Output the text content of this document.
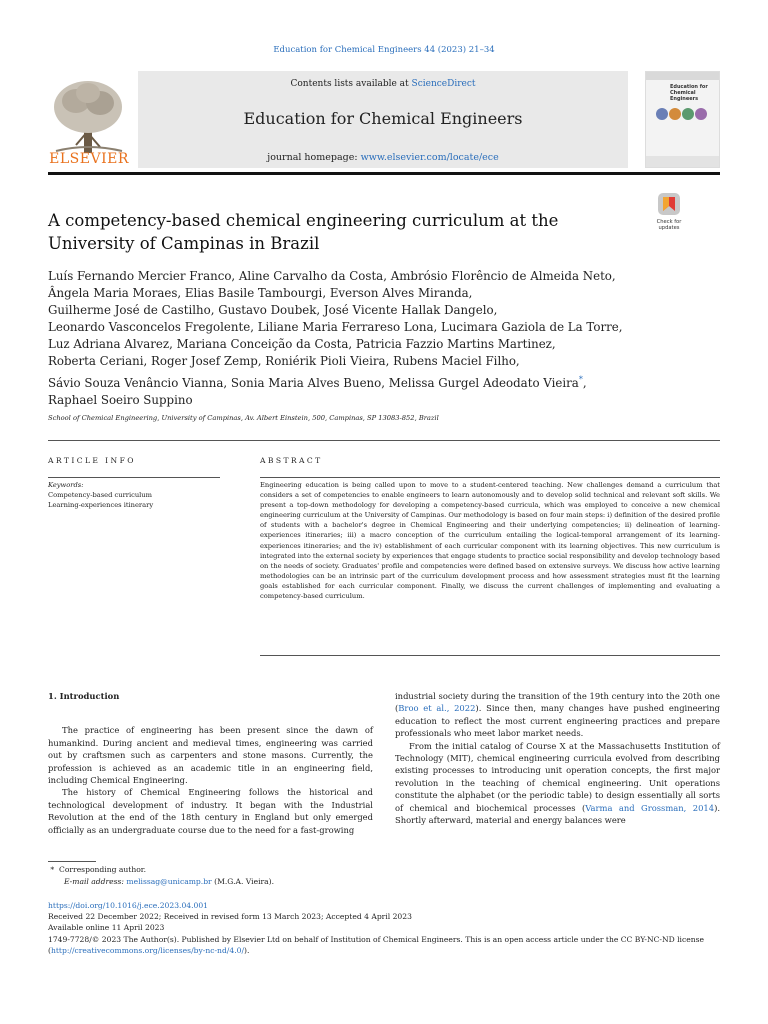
Education for Chemical Engineers 44 (2023) 21–34
ELSEVIER
Contents lists available at ScienceDirect
Education for Chemical Engineers
journal homepage: www.elsevier.com/locate/ece
Education for Chemical Engineers
A competency-based chemical engineering curriculum at the University of Campinas in Brazil
Check for
updates
Luís Fernando Mercier Franco, Aline Carvalho da Costa, Ambrósio Florêncio de Almeida Neto,
Ângela Maria Moraes, Elias Basile Tambourgi, Everson Alves Miranda,
Guilherme José de Castilho, Gustavo Doubek, José Vicente Hallak Dangelo,
Leonardo Vasconcelos Fregolente, Liliane Maria Ferrareso Lona, Lucimara Gaziola de La Torre,
Luz Adriana Alvarez, Mariana Conceição da Costa, Patricia Fazzio Martins Martinez,
Roberta Ceriani, Roger Josef Zemp, Roniérik Pioli Vieira, Rubens Maciel Filho,
Sávio Souza Venâncio Vianna, Sonia Maria Alves Bueno, Melissa Gurgel Adeodato Vieira*,
Raphael Soeiro Suppino
School of Chemical Engineering, University of Campinas, Av. Albert Einstein, 500, Campinas, SP 13083-852, Brazil
ARTICLE INFO	ABSTRACT
Keywords:
Competency-based curriculum
Learning-experiences itinerary
Engineering education is being called upon to move to a student-centered teaching. New challenges demand a curriculum that considers a set of competencies to enable engineers to learn autonomously and to develop solid technical and relevant soft skills. We present a top-down methodology for developing a competency-based curricula, which was employed to conceive a new chemical engineering curriculum at the University of Campinas. Our methodology is based on four main steps: i) definition of the desired profile of students with a bachelor's degree in Chemical Engineering and their underlying competencies; ii) delineation of learning-experiences itineraries; iii) a macro conception of the curriculum entailing the logical-temporal arrangement of its learning-experiences itineraries; and the iv) establishment of each curricular component with its learning objectives. This new curriculum is integrated into the external society by experiences that engage students to practice social responsibility and develop technology based on the needs of society. Graduates' profile and competencies were defined based on extensive surveys. We discuss how active learning methodologies can be an intrinsic part of the curriculum development process and how assessment strategies must fit the learning goals established for each curricular component. Finally, we discuss the current challenges of implementing and evaluating a competency-based curriculum.
1. Introduction

The practice of engineering has been present since the dawn of humankind. During ancient and medieval times, engineering was carried out by craftsmen such as carpenters and stone masons. Currently, the profession is achieved as an academic title in an engineering field, including Chemical Engineering.

The history of Chemical Engineering follows the historical and technological development of industry. It began with the Industrial Revolution at the end of the 18th century in England but only emerged officially as an undergraduate course due to the need for a fast-growing

industrial society during the transition of the 19th century into the 20th one (Broo et al., 2022). Since then, many changes have pushed engineering education to reflect the most current engineering practices and prepare professionals who meet labor market needs.

From the initial catalog of Course X at the Massachusetts Institution of Technology (MIT), chemical engineering curricula evolved from describing existing processes to introducing unit operation concepts, the first major revolution in the teaching of chemical engineering. Unit operations constitute the alphabet (or the periodic table) to design essentially all sorts of chemical and biochemical processes (Varma and Grossman, 2014). Shortly afterward, material and energy balances were

* Corresponding author.
E-mail address: melissag@unicamp.br (M.G.A. Vieira).
https://doi.org/10.1016/j.ece.2023.04.001
Received 22 December 2022; Received in revised form 13 March 2023; Accepted 4 April 2023
Available online 11 April 2023
1749-7728/© 2023 The Author(s). Published by Elsevier Ltd on behalf of Institution of Chemical Engineers. This is an open access article under the CC BY-NC-ND license (http://creativecommons.org/licenses/by-nc-nd/4.0/).
